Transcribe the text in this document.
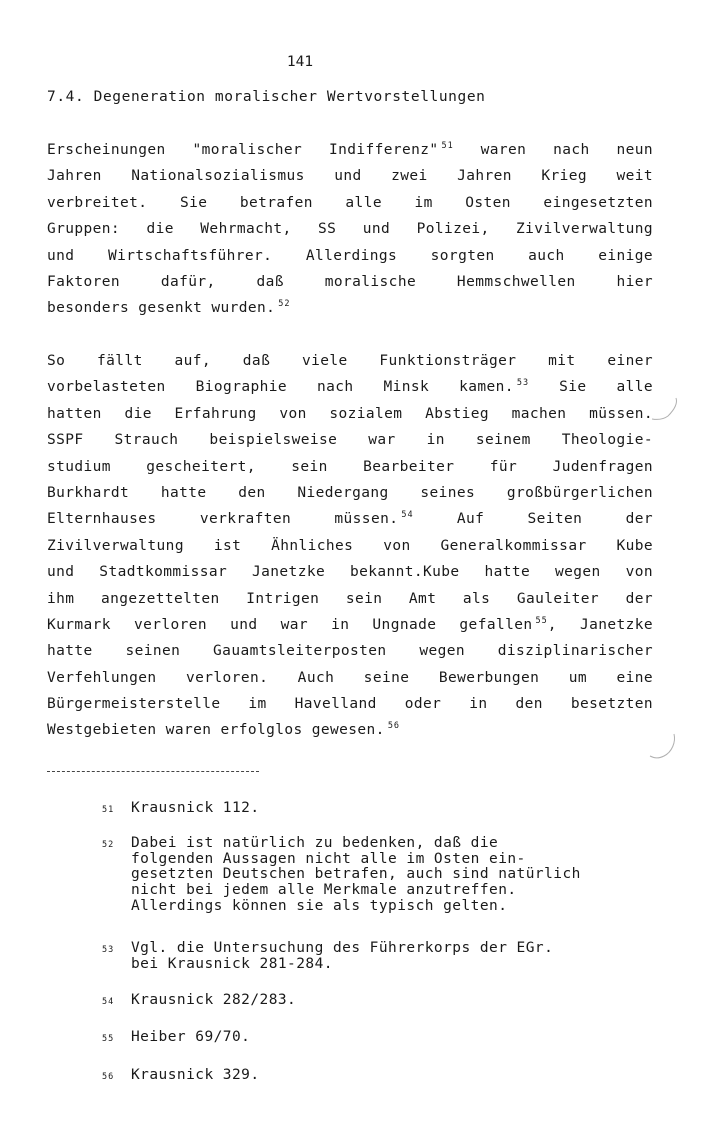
141
7.4. Degeneration moralischer Wertvorstellungen
Erscheinungen "moralischer Indifferenz" $^{51}$ waren nach neun
Jahren Nationalsozialismus und zwei Jahren Krieg weit
verbreitet. Sie betrafen alle im Osten eingesetzten
Gruppen: die Wehrmacht, SS und Polizei, Zivilverwaltung
und Wirtschaftsführer. Allerdings sorgten auch einige
Faktoren dafür, daß moralische Hemmschwellen hier
besonders gesenkt wurden. $^{52}$
So fällt auf, daß viele Funktionsträger mit einer
vorbelasteten Biographie nach Minsk kamen. $^{53}$ Sie alle
hatten die Erfahrung von sozialem Abstieg machen müssen.
SSPF Strauch beispielsweise war in seinem Theologie-
studium gescheitert, sein Bearbeiter für Judenfragen
Burkhardt hatte den Niedergang seines großbürgerlichen
Elternhauses verkraften müssen. $^{54}$ Auf Seiten der
Zivilverwaltung ist Ähnliches von Generalkommissar Kube
und Stadtkommissar Janetzke bekannt.Kube hatte wegen von
ihm angezettelten Intrigen sein Amt als Gauleiter der
Kurmark verloren und war in Ungnade gefallen $^{55}$, Janetzke
hatte seinen Gauamtsleiterposten wegen disziplinarischer
Verfehlungen verloren. Auch seine Bewerbungen um eine
Bürgermeisterstelle im Havelland oder in den besetzten
Westgebieten waren erfolglos gewesen. $^{56}$
51 Krausnick 112.
52 Dabei ist natürlich zu bedenken, daß die
folgenden Aussagen nicht alle im Osten ein-
gesetzten Deutschen betrafen, auch sind natürlich
nicht bei jedem alle Merkmale anzutreffen.
Allerdings können sie als typisch gelten.
53 Vgl. die Untersuchung des Führerkorps der EGr.
bei Krausnick 281-284.
54 Krausnick 282/283.
55 Heiber 69/70.
56 Krausnick 329.
